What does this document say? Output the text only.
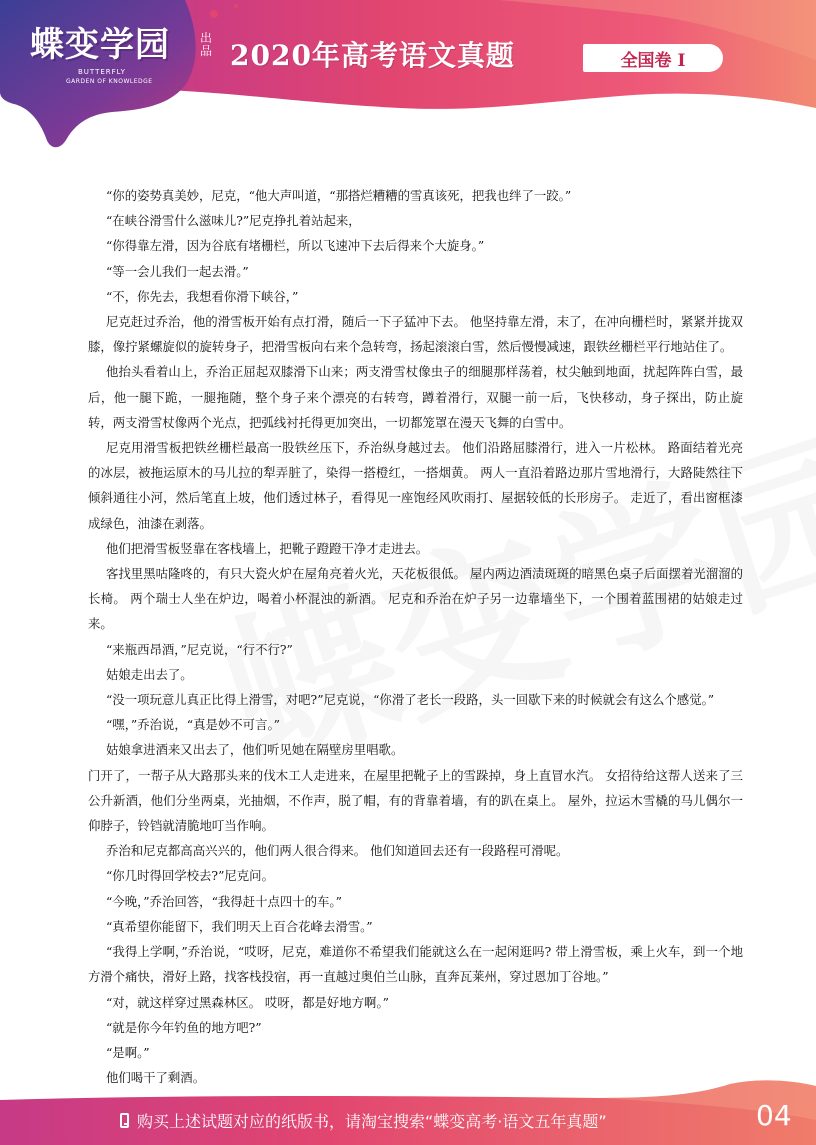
蝶变学园	出品
BUTTERFLY
GARDEN OF KNOWLEDGE
2020年高考语文真题	全国卷 I

“你的姿势真美妙，尼克，“他大声叫道，“那搭烂糟糟的雪真该死，把我也绊了一跤。”

“在峡谷滑雪什么滋味儿?”尼克挣扎着站起来，

“你得靠左滑，因为谷底有堵栅栏，所以飞速冲下去后得来个大旋身。”

“等一会儿我们一起去滑。”

“不，你先去，我想看你滑下峡谷，”

尼克赶过乔治，他的滑雪板开始有点打滑，随后一下子猛冲下去。 他坚持靠左滑，末了，在冲向栅栏时，紧紧并拢双膝，像拧紧螺旋似的旋转身子，把滑雪板向右来个急转弯，扬起滚滚白雪，然后慢慢减速，跟铁丝栅栏平行地站住了。

他抬头看着山上，乔治正屈起双膝滑下山来；两支滑雪杖像虫子的细腿那样荡着，杖尖触到地面，扰起阵阵白雪，最后，他一腿下跪，一腿拖随，整个身子来个漂亮的右转弯，蹲着滑行，双腿一前一后，飞快移动，身子探出，防止旋转，两支滑雪杖像两个光点，把弧线衬托得更加突出，一切都笼罩在漫天飞舞的白雪中。

尼克用滑雪板把铁丝栅栏最高一股铁丝压下，乔治纵身越过去。 他们沿路屈膝滑行，进入一片松林。 路面结着光亮的冰层，被拖运原木的马儿拉的犁弄脏了，染得一搭橙红，一搭烟黄。 两人一直沿着路边那片雪地滑行，大路陡然往下倾斜通往小河，然后笔直上坡，他们透过林子，看得见一座饱经风吹雨打、屋据较低的长形房子。 走近了，看出窗框漆成绿色，油漆在剥落。

他们把滑雪板竖靠在客栈墙上，把靴子蹬蹬干净才走进去。

客找里黑咕隆咚的，有只大瓷火炉在屋角亮着火光，天花板很低。 屋内两边酒渍斑斑的暗黑色桌子后面摆着光溜溜的长椅。 两个瑞士人坐在炉边，喝着小杯混浊的新酒。 尼克和乔治在炉子另一边靠墙坐下，一个围着蓝围裙的姑娘走过来。

“来瓶西昂酒，”尼克说，“行不行?”

姑娘走出去了。

“没一项玩意儿真正比得上滑雪，对吧?”尼克说，“你滑了老长一段路，头一回歇下来的时候就会有这么个感觉。”

“嘿，”乔治说，“真是妙不可言。”

姑娘拿进酒来又出去了，他们听见她在隔壁房里唱歌。

门开了，一帮子从大路那头来的伐木工人走进来，在屋里把靴子上的雪跺掉，身上直冒水汽。 女招待给这帮人送来了三公升新酒，他们分坐两桌，光抽烟，不作声，脱了帽，有的背靠着墙，有的趴在桌上。 屋外，拉运木雪橇的马儿偶尔一仰脖子，铃铛就清脆地叮当作响。

乔治和尼克都高高兴兴的，他们两人很合得来。 他们知道回去还有一段路程可滑呢。

“你几时得回学校去?”尼克问。

“今晚，”乔治回答，“我得赶十点四十的车。”

“真希望你能留下，我们明天上百合花峰去滑雪。”

“我得上学啊，”乔治说，“哎呀，尼克，难道你不希望我们能就这么在一起闲逛吗? 带上滑雪板，乘上火车，到一个地方滑个痛快，滑好上路，找客栈投宿，再一直越过奥伯兰山脉，直奔瓦莱州，穿过恩加丁谷地。”

“对，就这样穿过黑森林区。 哎呀，都是好地方啊。”

“就是你今年钓鱼的地方吧?”

“是啊。”

他们喝干了剩酒。

购买上述试题对应的纸版书，请淘宝搜索“蝶变高考·语文五年真题”	04
